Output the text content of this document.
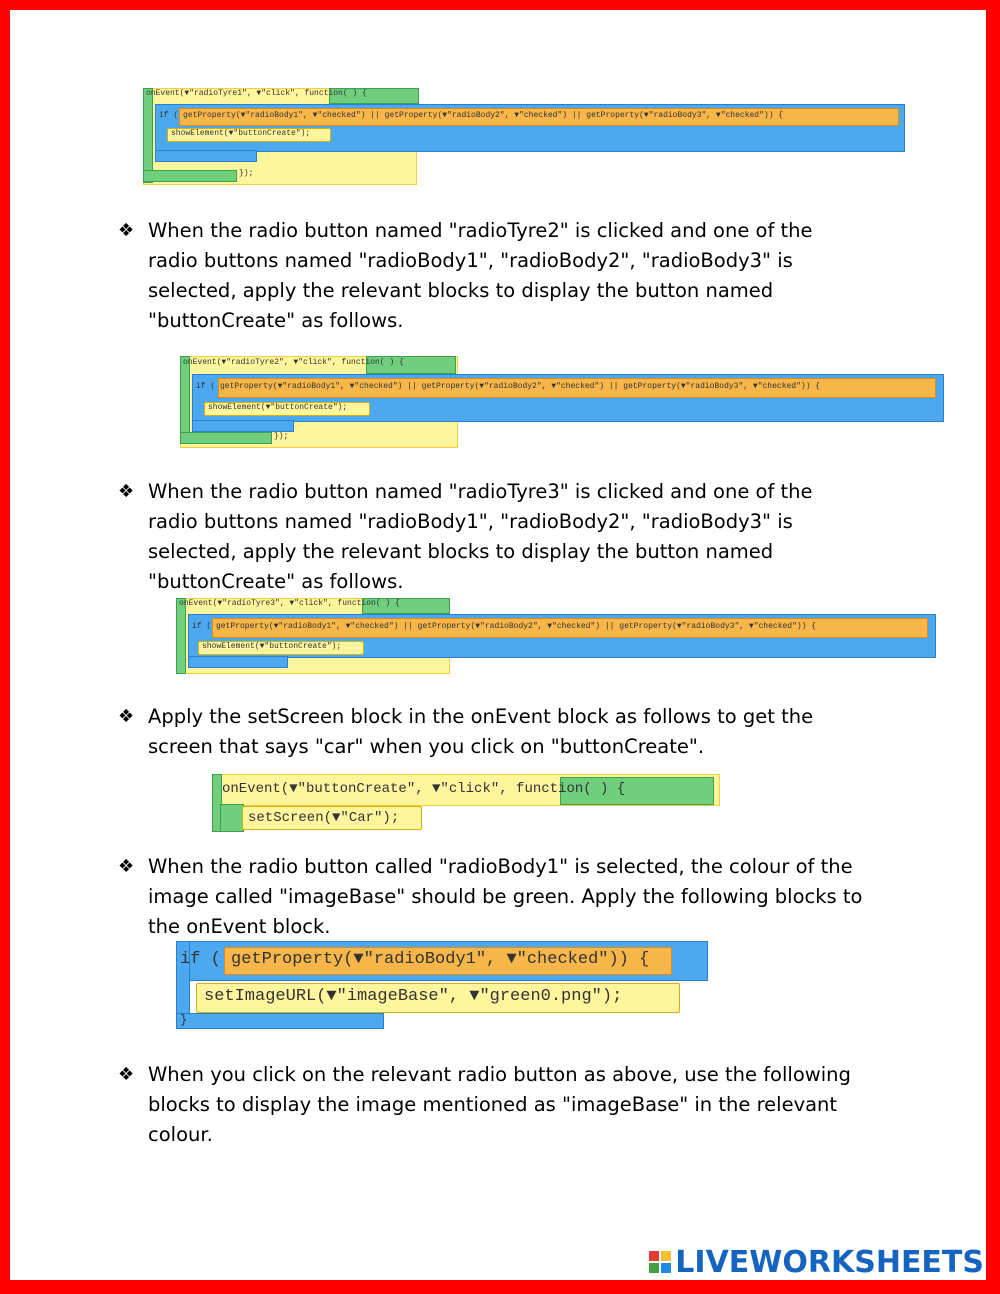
onEvent(▼"radioTyre1", ▼"click", function( ) {
if ( getProperty(▼"radioBody1", ▼"checked") || getProperty(▼"radioBody2", ▼"checked") || getProperty(▼"radioBody3", ▼"checked")) {
showElement(▼"buttonCreate");
});
❖ When the radio button named "radioTyre2" is clicked and one of the radio buttons named "radioBody1", "radioBody2", "radioBody3" is selected, apply the relevant blocks to display the button named "buttonCreate" as follows.
onEvent(▼"radioTyre2", ▼"click", function( ) {
if ( getProperty(▼"radioBody1", ▼"checked") || getProperty(▼"radioBody2", ▼"checked") || getProperty(▼"radioBody3", ▼"checked")) {
showElement(▼"buttonCreate");
});
❖ When the radio button named "radioTyre3" is clicked and one of the radio buttons named "radioBody1", "radioBody2", "radioBody3" is selected, apply the relevant blocks to display the button named "buttonCreate" as follows.
onEvent(▼"radioTyre3", ▼"click", function( ) {
if ( getProperty(▼"radioBody1", ▼"checked") || getProperty(▼"radioBody2", ▼"checked") || getProperty(▼"radioBody3", ▼"checked")) {
showElement(▼"buttonCreate");
❖ Apply the setScreen block in the onEvent block as follows to get the screen that says "car" when you click on "buttonCreate".
onEvent(▼"buttonCreate", ▼"click", function( ) {
setScreen(▼"Car");
❖ When the radio button called "radioBody1" is selected, the colour of the image called "imageBase" should be green. Apply the following blocks to the onEvent block.
if ( getProperty(▼"radioBody1", ▼"checked")) {
setImageURL(▼"imageBase", ▼"green0.png");
}
❖ When you click on the relevant radio button as above, use the following blocks to display the image mentioned as "imageBase" in the relevant colour.
LIVEWORKSHEETS
